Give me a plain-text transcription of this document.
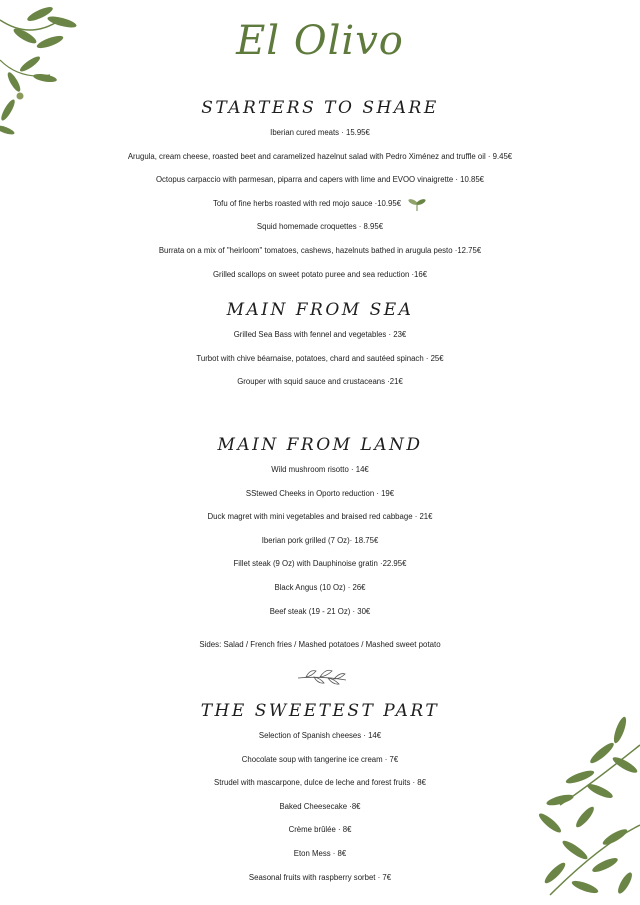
El Olivo
STARTERS TO SHARE
Iberian cured meats · 15.95€
Arugula, cream cheese, roasted beet and caramelized hazelnut salad with Pedro Ximénez and truffle oil · 9.45€
Octopus carpaccio with parmesan, piparra and capers with lime and EVOO vinaigrette · 10.85€
Tofu of fine herbs roasted with red mojo sauce ·10.95€
Squid homemade croquettes · 8.95€
Burrata on a mix of "heirloom" tomatoes, cashews, hazelnuts bathed in arugula pesto ·12.75€
Grilled scallops on sweet potato puree and sea reduction ·16€
MAIN FROM SEA
Grilled Sea Bass with fennel and vegetables · 23€
Turbot with chive béarnaise, potatoes, chard and sautéed spinach · 25€
Grouper with squid sauce and crustaceans ·21€
MAIN FROM LAND
Wild mushroom risotto · 14€
SStewed Cheeks in Oporto reduction · 19€
Duck magret with mini vegetables and braised red cabbage · 21€
Iberian pork grilled (7 Oz)· 18.75€
Fillet steak (9 Oz) with Dauphinoise gratin ·22.95€
Black Angus (10 Oz) · 26€
Beef steak (19 - 21 Oz) · 30€
Sides: Salad / French fries / Mashed potatoes / Mashed sweet potato
THE SWEETEST PART
Selection of Spanish cheeses · 14€
Chocolate soup with tangerine ice cream · 7€
Strudel with mascarpone, dulce de leche and forest fruits · 8€
Baked Cheesecake ·8€
Crème brûlée · 8€
Eton Mess · 8€
Seasonal fruits with raspberry sorbet · 7€
